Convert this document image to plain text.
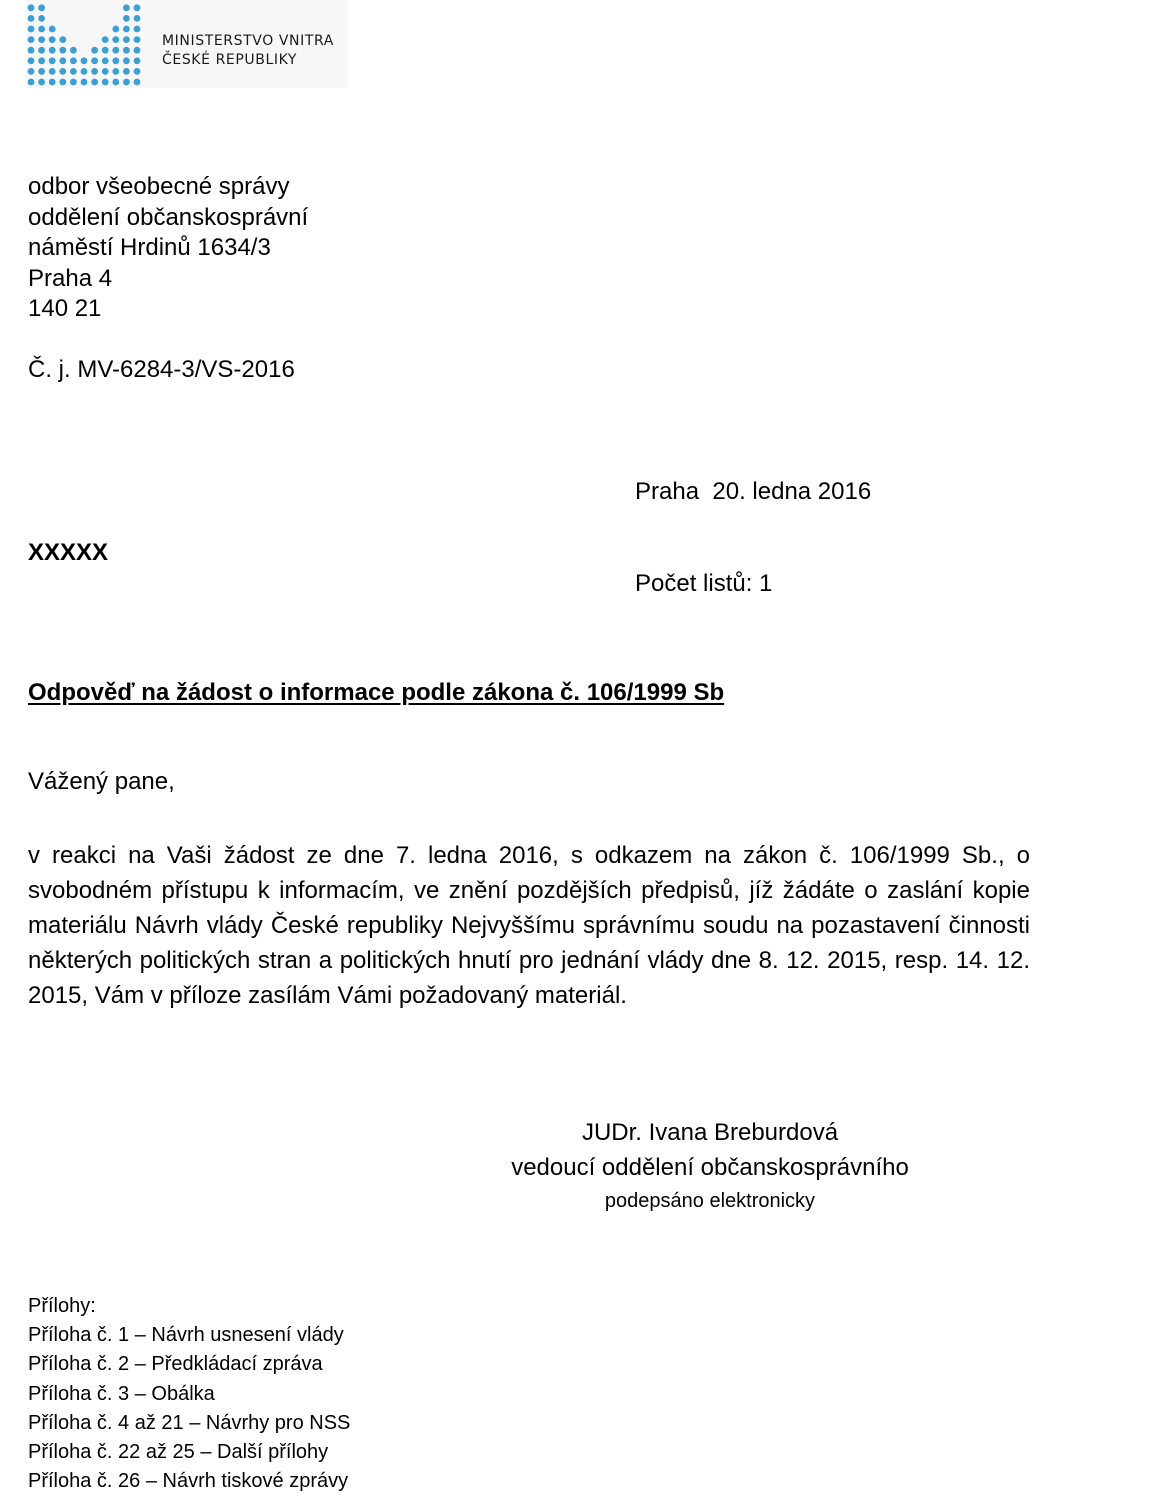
MINISTERSTVO VNITRA
ČESKÉ REPUBLIKY
odbor všeobecné správy
oddělení občanskosprávní
náměstí Hrdinů 1634/3
Praha 4
140 21
Č. j. MV-6284-3/VS-2016

Praha  20. ledna 2016

Počet listů: 1

XXXXX
Odpověď na žádost o informace podle zákona č. 106/1999 Sb
Vážený pane,
v reakci na Vaši žádost ze dne 7. ledna 2016, s odkazem na zákon č. 106/1999 Sb., o svobodném přístupu k informacím, ve znění pozdějších předpisů, jíž žádáte o zaslání kopie materiálu Návrh vlády České republiky Nejvyššímu správnímu soudu na pozastavení činnosti některých politických stran a politických hnutí pro jednání vlády dne 8. 12. 2015, resp. 14. 12. 2015, Vám v příloze zasílám Vámi požadovaný materiál.
JUDr. Ivana Breburdová
vedoucí oddělení občanskosprávního
podepsáno elektronicky
Přílohy:
Příloha č. 1 – Návrh usnesení vlády
Příloha č. 2 – Předkládací zpráva
Příloha č. 3 – Obálka
Příloha č. 4 až 21 – Návrhy pro NSS
Příloha č. 22 až 25 – Další přílohy
Příloha č. 26 – Návrh tiskové zprávy
